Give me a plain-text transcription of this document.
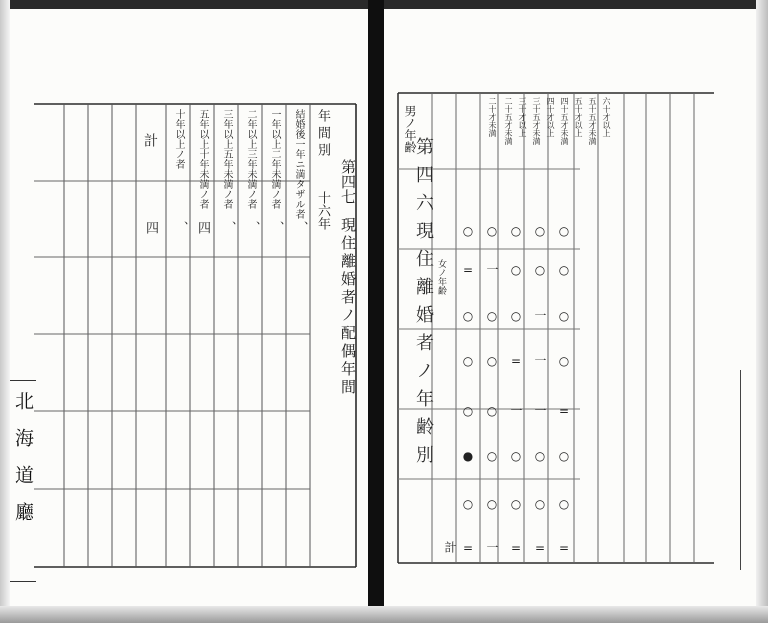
第四七
現住離婚者ノ配偶年間
年間別
十六年
結婚後一年ニ満タザル者
一年以上二年未満ノ者
二年以上三年未満ノ者
三年以上五年未満ノ者
五年以上十年未満ノ者
十年以上ノ者
計
、
、
、
、
四
、
四
北海道廳
六十才以上
五十五才未満
五十才以上
四十五才未満
四十才以上
三十五才未満
三十才以上
二十五才未満
二十才未満
男ノ年齢
女ノ年齢
第四六
現住離婚者ノ年齢別 ○ ○ ○ ○ ○
= 一 ○ ○ ○
○ ○ ○ 一 ○
○ ○ = 一 ○
○ ○ 一 一 =
● ○ ○ ○ ○
○ ○ ○ ○ ○
= 一 = = =
計
